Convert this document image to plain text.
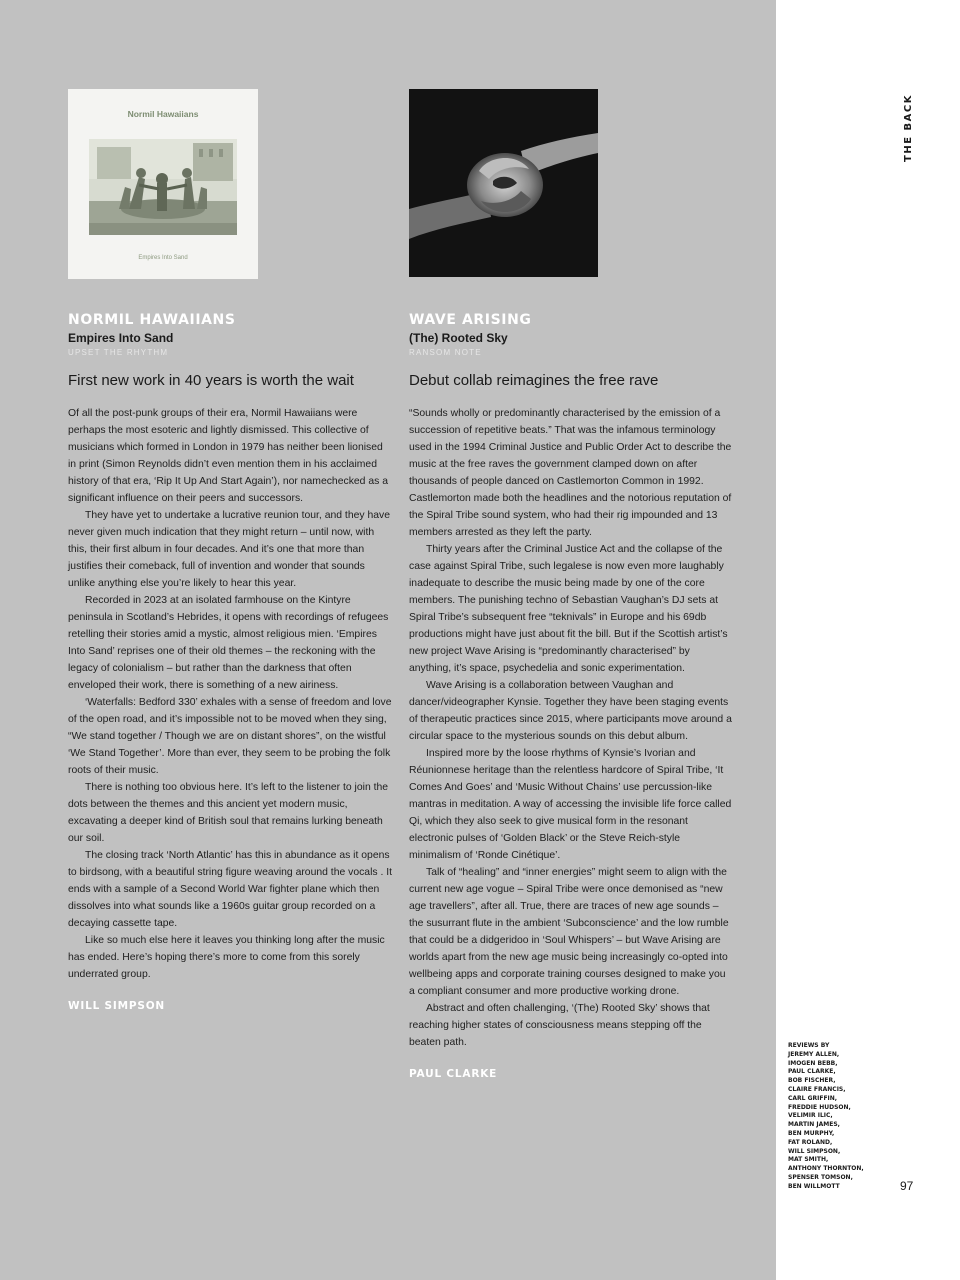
THE BACK
Normil Hawaiians
Empires Into Sand
NORMIL HAWAIIANS
Empires Into Sand
UPSET THE RHYTHM
First new work in 40 years is worth the wait

Of all the post-punk groups of their era, Normil Hawaiians were perhaps the most esoteric and lightly dismissed. This collective of musicians which formed in London in 1979 has neither been lionised in print (Simon Reynolds didn’t even mention them in his acclaimed history of that era, ‘Rip It Up And Start Again’), nor namechecked as a significant influence on their peers and successors.

They have yet to undertake a lucrative reunion tour, and they have never given much indication that they might return – until now, with this, their first album in four decades. And it’s one that more than justifies their comeback, full of invention and wonder that sounds unlike anything else you’re likely to hear this year.

Recorded in 2023 at an isolated farmhouse on the Kintyre peninsula in Scotland’s Hebrides, it opens with recordings of refugees retelling their stories amid a mystic, almost religious mien. ‘Empires Into Sand’ reprises one of their old themes – the reckoning with the legacy of colonialism – but rather than the darkness that often enveloped their work, there is something of a new airiness.

‘Waterfalls: Bedford 330’ exhales with a sense of freedom and love of the open road, and it’s impossible not to be moved when they sing, “We stand together / Though we are on distant shores”, on the wistful ‘We Stand Together’. More than ever, they seem to be probing the folk roots of their music.

There is nothing too obvious here. It’s left to the listener to join the dots between the themes and this ancient yet modern music, excavating a deeper kind of British soul that remains lurking beneath our soil.

The closing track ‘North Atlantic’ has this in abundance as it opens to birdsong, with a beautiful string figure weaving around the vocals . It ends with a sample of a Second World War fighter plane which then dissolves into what sounds like a 1960s guitar group recorded on a decaying cassette tape.

Like so much else here it leaves you thinking long after the music has ended. Here’s hoping there’s more to come from this sorely underrated group.

WILL SIMPSON
WAVE ARISING
(The) Rooted Sky
RANSOM NOTE
Debut collab reimagines the free rave

“Sounds wholly or predominantly characterised by the emission of a succession of repetitive beats.” That was the infamous terminology used in the 1994 Criminal Justice and Public Order Act to describe the music at the free raves the government clamped down on after thousands of people danced on Castlemorton Common in 1992. Castlemorton made both the headlines and the notorious reputation of the Spiral Tribe sound system, who had their rig impounded and 13 members arrested as they left the party.

Thirty years after the Criminal Justice Act and the collapse of the case against Spiral Tribe, such legalese is now even more laughably inadequate to describe the music being made by one of the core members. The punishing techno of Sebastian Vaughan’s DJ sets at Spiral Tribe’s subsequent free “teknivals” in Europe and his 69db productions might have just about fit the bill. But if the Scottish artist’s new project Wave Arising is “predominantly characterised” by anything, it’s space, psychedelia and sonic experimentation.

Wave Arising is a collaboration between Vaughan and dancer/videographer Kynsie. Together they have been staging events of therapeutic practices since 2015, where participants move around a circular space to the mysterious sounds on this debut album.

Inspired more by the loose rhythms of Kynsie’s Ivorian and Réunionnese heritage than the relentless hardcore of Spiral Tribe, ‘It Comes And Goes’ and ‘Music Without Chains’ use percussion-like mantras in meditation. A way of accessing the invisible life force called Qi, which they also seek to give musical form in the resonant electronic pulses of ‘Golden Black’ or the Steve Reich-style minimalism of ‘Ronde Cinétique’.

Talk of “healing” and “inner energies” might seem to align with the current new age vogue – Spiral Tribe were once demonised as “new age travellers”, after all. True, there are traces of new age sounds – the susurrant flute in the ambient ‘Subconscience’ and the low rumble that could be a didgeridoo in ‘Soul Whispers’ – but Wave Arising are worlds apart from the new age music being increasingly co-opted into wellbeing apps and corporate training courses designed to make you a compliant consumer and more productive working drone.

Abstract and often challenging, ‘(The) Rooted Sky’ shows that reaching higher states of consciousness means stepping off the beaten path.

PAUL CLARKE
REVIEWS BY
JEREMY ALLEN,
IMOGEN BEBB,
PAUL CLARKE,
BOB FISCHER,
CLAIRE FRANCIS,
CARL GRIFFIN,
FREDDIE HUDSON,
VELIMIR ILIC,
MARTIN JAMES,
BEN MURPHY,
FAT ROLAND,
WILL SIMPSON,
MAT SMITH,
ANTHONY THORNTON,
SPENSER TOMSON,
BEN WILLMOTT	97
